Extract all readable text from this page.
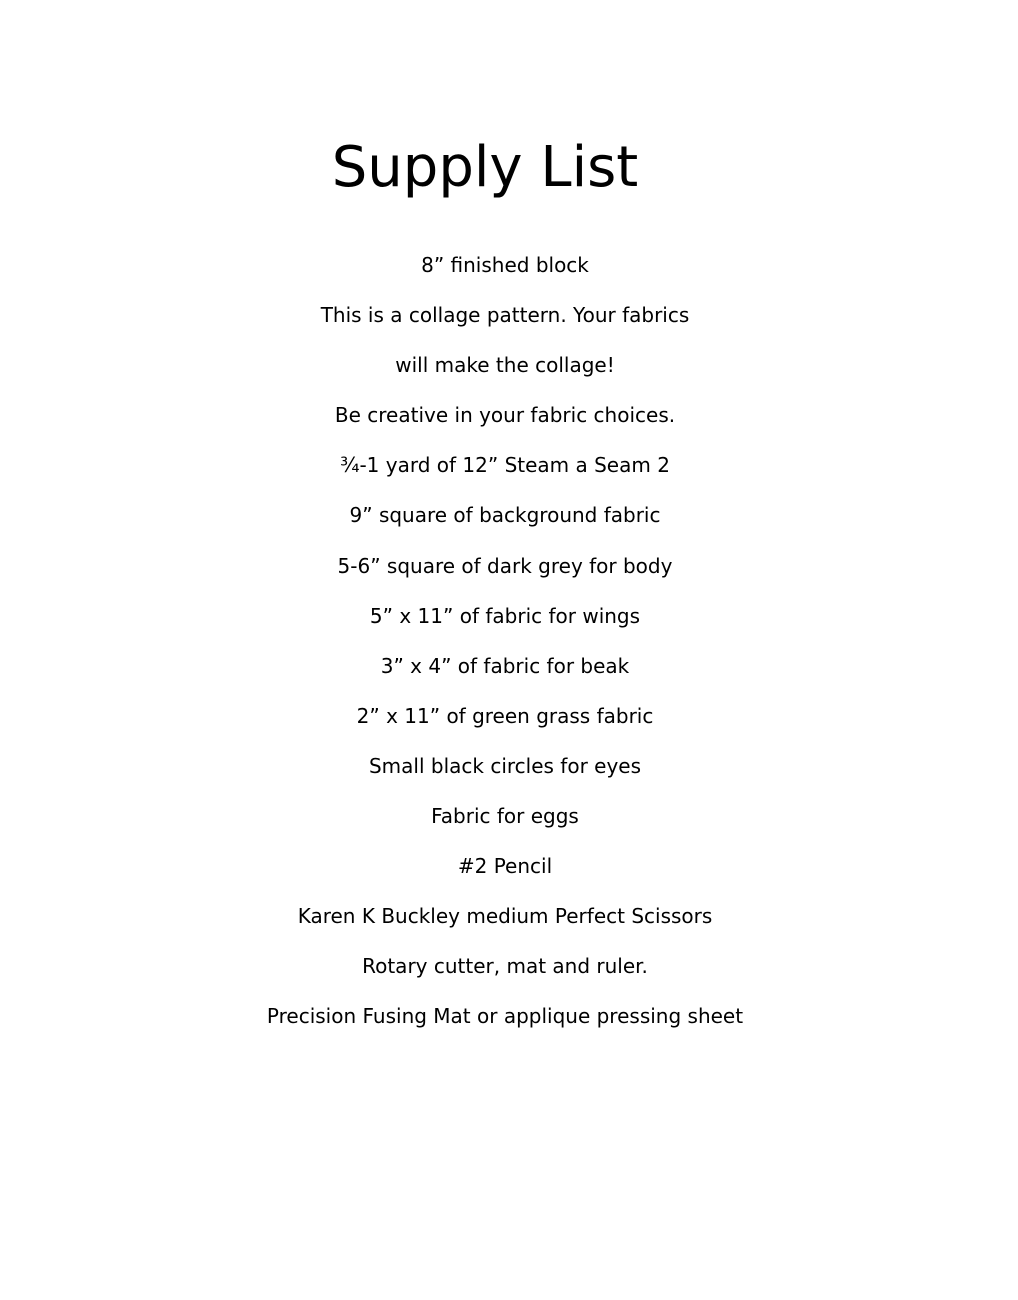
Supply List
8” finished block
This is a collage pattern. Your fabrics
will make the collage!
Be creative in your fabric choices.
¾-1 yard of 12” Steam a Seam 2
9” square of background fabric
5-6” square of dark grey for body
5” x 11” of fabric for wings
3” x 4” of fabric for beak
2” x 11” of green grass fabric
Small black circles for eyes
Fabric for eggs
#2 Pencil
Karen K Buckley medium Perfect Scissors
Rotary cutter, mat and ruler.
Precision Fusing Mat or applique pressing sheet
